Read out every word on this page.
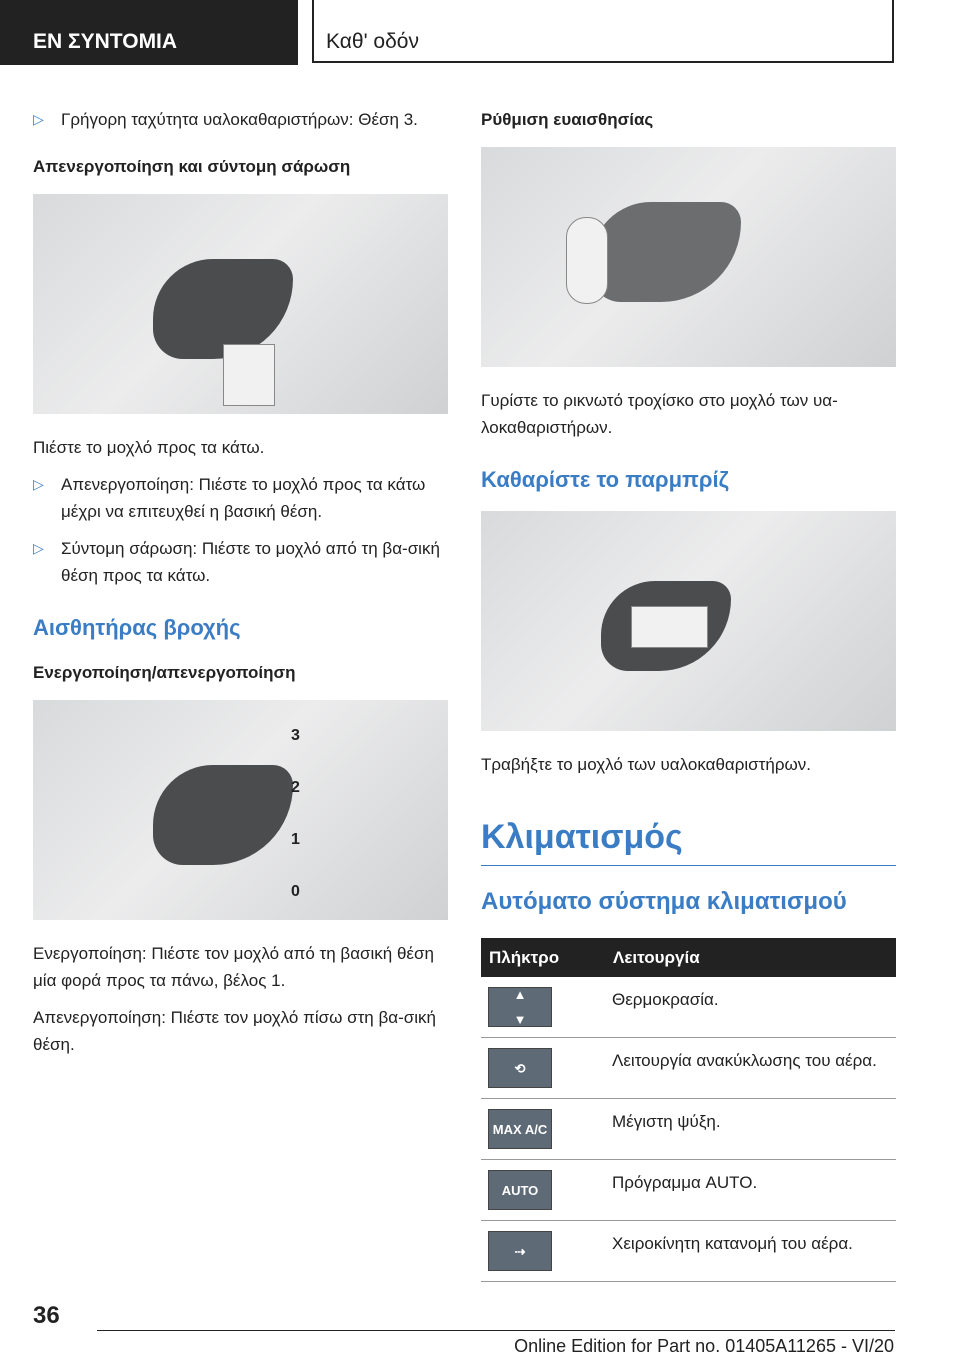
ΕΝ ΣΥΝΤΟΜΙΑ	Καθ' οδόν
▷ Γρήγορη ταχύτητα υαλοκαθαριστήρων: Θέση 3.
Απενεργοποίηση και σύντομη σάρωση
Πιέστε το μοχλό προς τα κάτω.
▷ Απενεργοποίηση: Πιέστε το μοχλό προς τα κάτω μέχρι να επιτευχθεί η βασική θέση.
▷ Σύντομη σάρωση: Πιέστε το μοχλό από τη βα-σική θέση προς τα κάτω.
Αισθητήρας βροχής
Ενεργοποίηση/απενεργοποίηση
3
2
1
0
Ενεργοποίηση: Πιέστε τον μοχλό από τη βασική θέση μία φορά προς τα πάνω, βέλος 1.
Απενεργοποίηση: Πιέστε τον μοχλό πίσω στη βα-σική θέση.
Ρύθμιση ευαισθησίας
Γυρίστε το ρικνωτό τροχίσκο στο μοχλό των υα-λοκαθαριστήρων.
Καθαρίστε το παρμπρίζ
Τραβήξτε το μοχλό των υαλοκαθαριστήρων.
Κλιματισμός
Αυτόματο σύστημα κλιματισμού
Πλήκτρο	Λειτουργία

▲
▼	Θερμοκρασία.

⟲	Λειτουργία ανακύκλωσης του αέρα.

MAX A/C	Μέγιστη ψύξη.

AUTO	Πρόγραμμα AUTO.

⇢	Χειροκίνητη κατανομή του αέρα.
36
Online Edition for Part no. 01405A11265 - VI/20
